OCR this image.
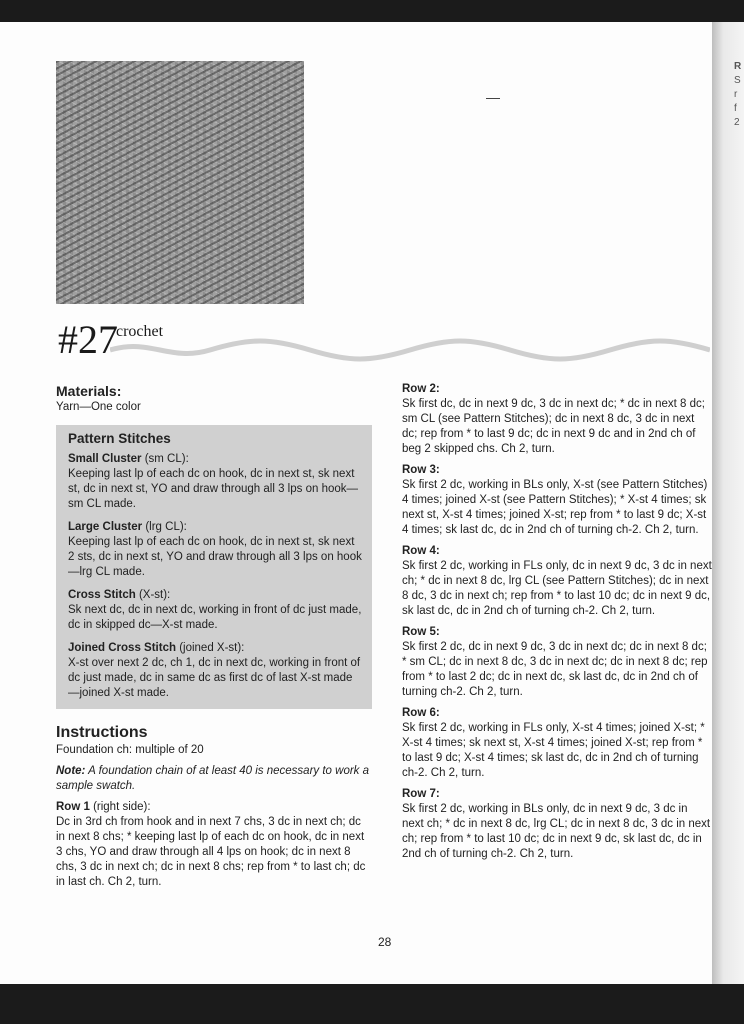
R
S
r
f
2
#27
crochet
Materials:
Yarn—One color
Pattern Stitches
Small Cluster (sm CL):
Keeping last lp of each dc on hook, dc in next st, sk next st, dc in next st, YO and draw through all 3 lps on hook—sm CL made.
Large Cluster (lrg CL):
Keeping last lp of each dc on hook, dc in next st, sk next 2 sts, dc in next st, YO and draw through all 3 lps on hook—lrg CL made.
Cross Stitch (X-st):
Sk next dc, dc in next dc, working in front of dc just made, dc in skipped dc—X-st made.
Joined Cross Stitch (joined X-st):
X-st over next 2 dc, ch 1, dc in next dc, working in front of dc just made, dc in same dc as first dc of last X-st made—joined X-st made.
Instructions
Foundation ch: multiple of 20
Note: A foundation chain of at least 40 is necessary to work a sample swatch.
Row 1 (right side):
Dc in 3rd ch from hook and in next 7 chs, 3 dc in next ch; dc in next 8 chs; * keeping last lp of each dc on hook, dc in next 3 chs, YO and draw through all 4 lps on hook; dc in next 8 chs, 3 dc in next ch; dc in next 8 chs; rep from * to last ch; dc in last ch. Ch 2, turn.
Row 2:
Sk first dc, dc in next 9 dc, 3 dc in next dc; * dc in next 8 dc; sm CL (see Pattern Stitches); dc in next 8 dc, 3 dc in next dc; rep from * to last 9 dc; dc in next 9 dc and in 2nd ch of beg 2 skipped chs. Ch 2, turn.
Row 3:
Sk first 2 dc, working in BLs only, X-st (see Pattern Stitches) 4 times; joined X-st (see Pattern Stitches); * X-st 4 times; sk next st, X-st 4 times; joined X-st; rep from * to last 9 dc; X-st 4 times; sk last dc, dc in 2nd ch of turning ch-2. Ch 2, turn.
Row 4:
Sk first 2 dc, working in FLs only, dc in next 9 dc, 3 dc in next ch; * dc in next 8 dc, lrg CL (see Pattern Stitches); dc in next 8 dc, 3 dc in next ch; rep from * to last 10 dc; dc in next 9 dc, sk last dc, dc in 2nd ch of turning ch-2. Ch 2, turn.
Row 5:
Sk first 2 dc, dc in next 9 dc, 3 dc in next dc; dc in next 8 dc; * sm CL; dc in next 8 dc, 3 dc in next dc; dc in next 8 dc; rep from * to last 2 dc; dc in next dc, sk last dc, dc in 2nd ch of turning ch-2. Ch 2, turn.
Row 6:
Sk first 2 dc, working in FLs only, X-st 4 times; joined X-st; * X-st 4 times; sk next st, X-st 4 times; joined X-st; rep from * to last 9 dc; X-st 4 times; sk last dc, dc in 2nd ch of turning ch-2. Ch 2, turn.
Row 7:
Sk first 2 dc, working in BLs only, dc in next 9 dc, 3 dc in next ch; * dc in next 8 dc, lrg CL; dc in next 8 dc, 3 dc in next ch; rep from * to last 10 dc; dc in next 9 dc, sk last dc, dc in 2nd ch of turning ch-2. Ch 2, turn.
28
